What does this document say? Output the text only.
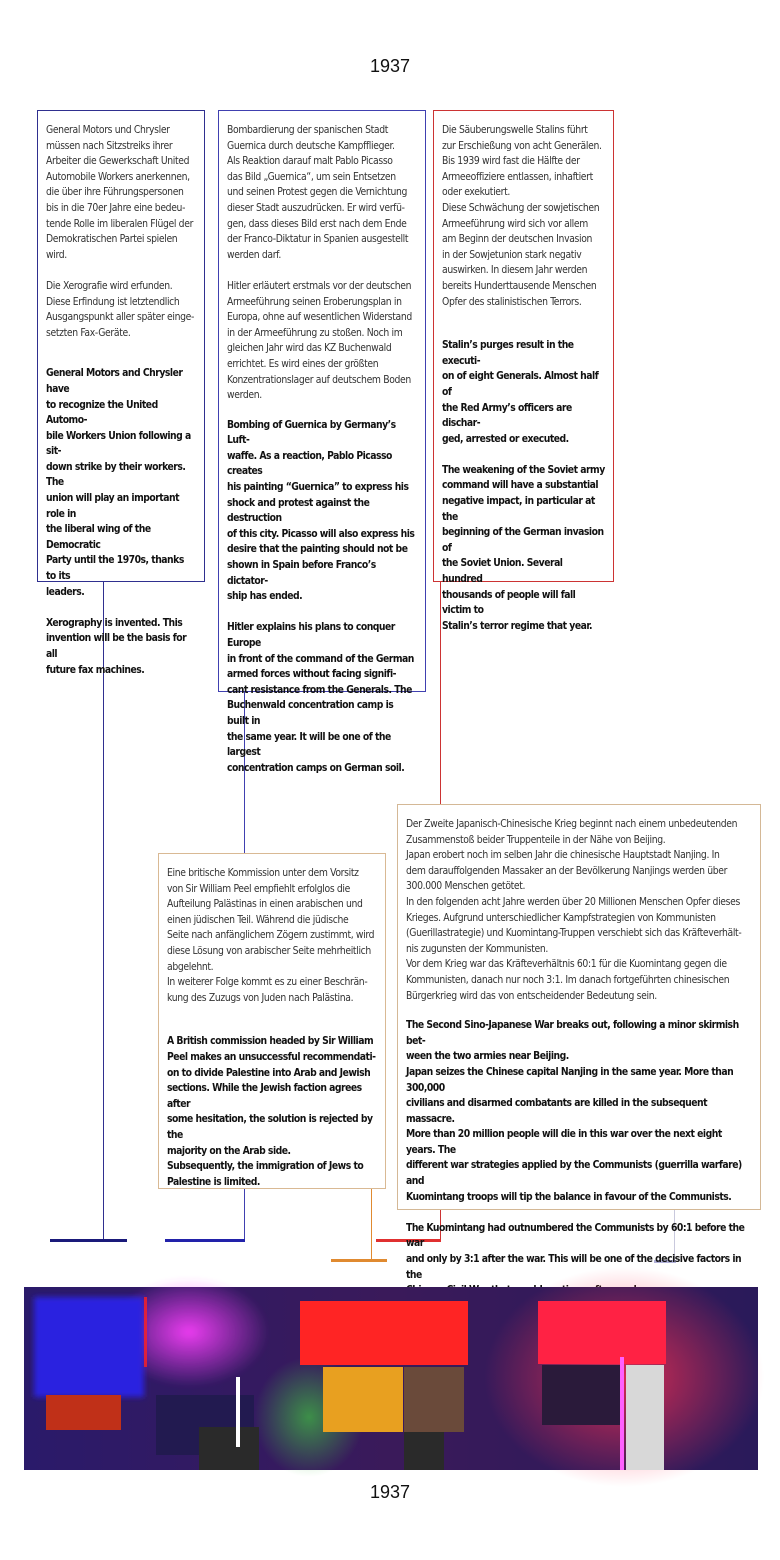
1937

General Motors und Chrysler
müssen nach Sitzstreiks ihrer
Arbeiter die Gewerkschaft United
Automobile Workers anerkennen,
die über ihre Führungspersonen
bis in die 70er Jahre eine bedeu-
tende Rolle im liberalen Flügel der
Demokratischen Partei spielen
wird.

Die Xerografie wird erfunden.
Diese Erfindung ist letztendlich
Ausgangspunkt aller später einge-
setzten Fax-Geräte.

General Motors and Chrysler have
to recognize the United Automo-
bile Workers Union following a sit-
down strike by their workers. The
union will play an important role in
the liberal wing of the Democratic
Party until the 1970s, thanks to its
leaders.

Xerography is invented. This
invention will be the basis for all
future fax machines.

Bombardierung der spanischen Stadt
Guernica durch deutsche Kampfflieger.
Als Reaktion darauf malt Pablo Picasso
das Bild „Guernica“, um sein Entsetzen
und seinen Protest gegen die Vernichtung
dieser Stadt auszudrücken. Er wird verfü-
gen, dass dieses Bild erst nach dem Ende
der Franco-Diktatur in Spanien ausgestellt
werden darf.

Hitler erläutert erstmals vor der deutschen
Armeeführung seinen Eroberungsplan in
Europa, ohne auf wesentlichen Widerstand
in der Armeeführung zu stoßen. Noch im
gleichen Jahr wird das KZ Buchenwald
errichtet. Es wird eines der größten
Konzentrationslager auf deutschem Boden
werden.

Bombing of Guernica by Germany’s Luft-
waffe. As a reaction, Pablo Picasso creates
his painting “Guernica” to express his
shock and protest against the destruction
of this city. Picasso will also express his
desire that the painting should not be
shown in Spain before Franco’s dictator-
ship has ended.

Hitler explains his plans to conquer Europe
in front of the command of the German
armed forces without facing signifi-
cant resistance from the Generals. The
Buchenwald concentration camp is built in
the same year. It will be one of the largest
concentration camps on German soil.

Die Säuberungswelle Stalins führt
zur Erschießung von acht Generälen.
Bis 1939 wird fast die Hälfte der
Armeeoffiziere entlassen, inhaftiert
oder exekutiert.
Diese Schwächung der sowjetischen
Armeeführung wird sich vor allem
am Beginn der deutschen Invasion
in der Sowjetunion stark negativ
auswirken. In diesem Jahr werden
bereits Hunderttausende Menschen
Opfer des stalinistischen Terrors.

Stalin’s purges result in the executi-
on of eight Generals. Almost half of
the Red Army’s officers are dischar-
ged, arrested or executed.

The weakening of the Soviet army
command will have a substantial
negative impact, in particular at the
beginning of the German invasion of
the Soviet Union. Several hundred
thousands of people will fall victim to
Stalin’s terror regime that year.

Eine britische Kommission unter dem Vorsitz
von Sir William Peel empfiehlt erfolglos die
Aufteilung Palästinas in einen arabischen und
einen jüdischen Teil. Während die jüdische
Seite nach anfänglichem Zögern zustimmt, wird
diese Lösung von arabischer Seite mehrheitlich
abgelehnt.
In weiterer Folge kommt es zu einer Beschrän-
kung des Zuzugs von Juden nach Palästina.

A British commission headed by Sir William
Peel makes an unsuccessful recommendati-
on to divide Palestine into Arab and Jewish
sections. While the Jewish faction agrees after
some hesitation, the solution is rejected by the
majority on the Arab side.
Subsequently, the immigration of Jews to
Palestine is limited.

Der Zweite Japanisch-Chinesische Krieg beginnt nach einem unbedeutenden
Zusammenstoß beider Truppenteile in der Nähe von Beijing.
Japan erobert noch im selben Jahr die chinesische Hauptstadt Nanjing. In
dem darauffolgenden Massaker an der Bevölkerung Nanjings werden über
300.000 Menschen getötet.
In den folgenden acht Jahre werden über 20 Millionen Menschen Opfer dieses
Krieges. Aufgrund unterschiedlicher Kampfstrategien von Kommunisten
(Guerillastrategie) und Kuomintang-Truppen verschiebt sich das Kräfteverhält-
nis zugunsten der Kommunisten.
Vor dem Krieg war das Kräfteverhältnis 60:1 für die Kuomintang gegen die
Kommunisten, danach nur noch 3:1. Im danach fortgeführten chinesischen
Bürgerkrieg wird das von entscheidender Bedeutung sein.

The Second Sino-Japanese War breaks out, following a minor skirmish bet-
ween the two armies near Beijing.
Japan seizes the Chinese capital Nanjing in the same year. More than 300,000
civilians and disarmed combatants are killed in the subsequent massacre.
More than 20 million people will die in this war over the next eight years. The
different war strategies applied by the Communists (guerrilla warfare) and
Kuomintang troops will tip the balance in favour of the Communists.

The Kuomintang had outnumbered the Communists by 60:1 before the war
and only by 3:1 after the war. This will be one of the decisive factors in the

1937
